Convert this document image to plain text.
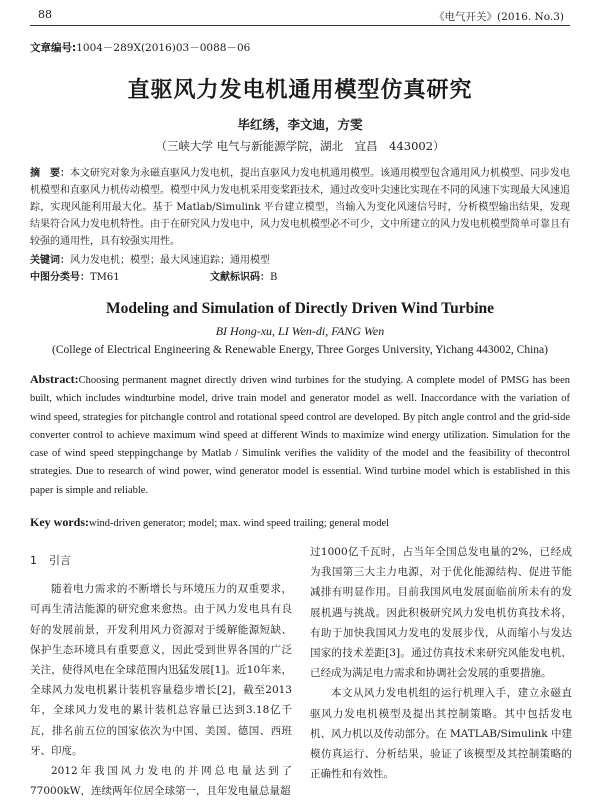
88	《电气开关》(2016. No.3)
文章编号:1004－289X(2016)03－0088－06
直驱风力发电机通用模型仿真研究
毕红绣，李文迪，方雯
（三峡大学 电气与新能源学院，湖北　宜昌　443002）
摘　要：本文研究对象为永磁直驱风力发电机，提出直驱风力发电机通用模型。该通用模型包含通用风力机模型、同步发电机模型和直驱风力机传动模型。模型中风力发电机采用变桨距技术，通过改变叶尖速比实现在不同的风速下实现最大风速追踪，实现风能利用最大化。基于 Matlab/Simulink 平台建立模型，当输入为变化风速信号时，分析模型输出结果，发现结果符合风力发电机特性。由于在研究风力发电中，风力发电机模型必不可少，文中所建立的风力发电机模型简单可靠且有较强的通用性，具有较强实用性。
关键词：风力发电机；模型；最大风速追踪；通用模型
中图分类号：TM61	文献标识码：B
Modeling and Simulation of Directly Driven Wind Turbine
BI Hong-xu, LI Wen-di, FANG Wen
(College of Electrical Engineering & Renewable Energy, Three Gorges University, Yichang 443002, China)
Abstract:Choosing permanent magnet directly driven wind turbines for the studying. A complete model of PMSG has been built, which includes windturbine model, drive train model and generator model as well. Inaccordance with the variation of wind speed, strategies for pitchangle control and rotational speed control are developed. By pitch angle control and the grid-side converter control to achieve maximum wind speed at different Winds to maximize wind energy utilization. Simulation for the case of wind speed steppingchange by Matlab / Simulink verifies the validity of the model and the feasibility of thecontrol strategies. Due to research of wind power, wind generator model is essential. Wind turbine model which is established in this paper is simple and reliable.
Key words:wind-driven generator; model; max. wind speed trailing; general model
1 引言

随着电力需求的不断增长与环境压力的双重要求，可再生清洁能源的研究愈来愈热。由于风力发电具有良好的发展前景，开发利用风力资源对于缓解能源短缺、保护生态环境具有重要意义，因此受到世界各国的广泛关注，使得风电在全球范围内迅猛发展[1]。近10年来，全球风力发电机累计装机容量稳步增长[2]，截至2013年，全球风力发电的累计装机总容量已达到3.18亿千瓦，排名前五位的国家依次为中国、美国、德国、西班牙、印度。

2012年我国风力发电的并网总电量达到了77000kW，连续两年位居全球第一，且年发电量总量超

过1000亿千瓦时，占当年全国总发电量的2%，已经成为我国第三大主力电源，对于优化能源结构、促进节能减排有明显作用。目前我国风电发展面临前所未有的发展机遇与挑战。因此积极研究风力发电机仿真技术将，有助于加快我国风力发电的发展步伐，从而缩小与发达国家的技术差距[3]。通过仿真技术来研究风能发电机，已经成为满足电力需求和协调社会发展的重要措施。

本文从风力发电机组的运行机理入手，建立永磁直驱风力发电机模型及提出其控制策略。其中包括发电机、风力机以及传动部分。在 MATLAB/Simulink 中建模仿真运行、分析结果，验证了该模型及其控制策略的正确性和有效性。
